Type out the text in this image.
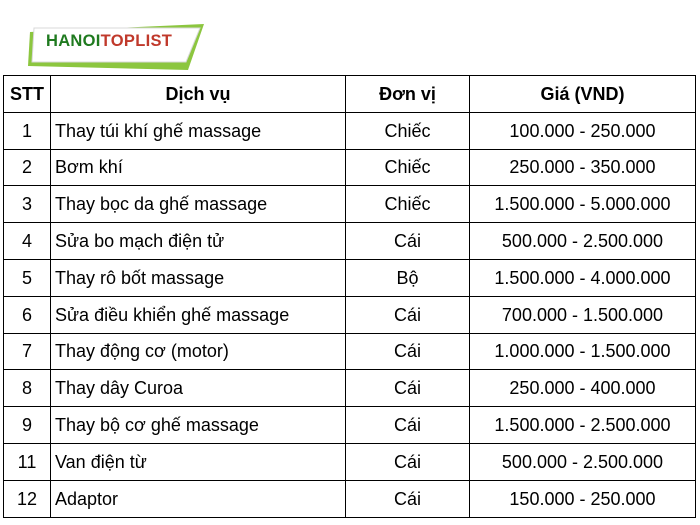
HANOITOPLIST
STT	Dịch vụ	Đơn vị	Giá (VND)
1	Thay túi khí ghế massage	Chiếc	100.000 - 250.000
2	Bơm khí	Chiếc	250.000 - 350.000
3	Thay bọc da ghế massage	Chiếc	1.500.000 - 5.000.000
4	Sửa bo mạch điện tử	Cái	500.000 - 2.500.000
5	Thay rô bốt massage	Bộ	1.500.000 - 4.000.000
6	Sửa điều khiển ghế massage	Cái	700.000 - 1.500.000
7	Thay động cơ (motor)	Cái	1.000.000 - 1.500.000
8	Thay dây Curoa	Cái	250.000 - 400.000
9	Thay bộ cơ ghế massage	Cái	1.500.000 - 2.500.000
11	Van điện từ	Cái	500.000 - 2.500.000
12	Adaptor	Cái	150.000 - 250.000
